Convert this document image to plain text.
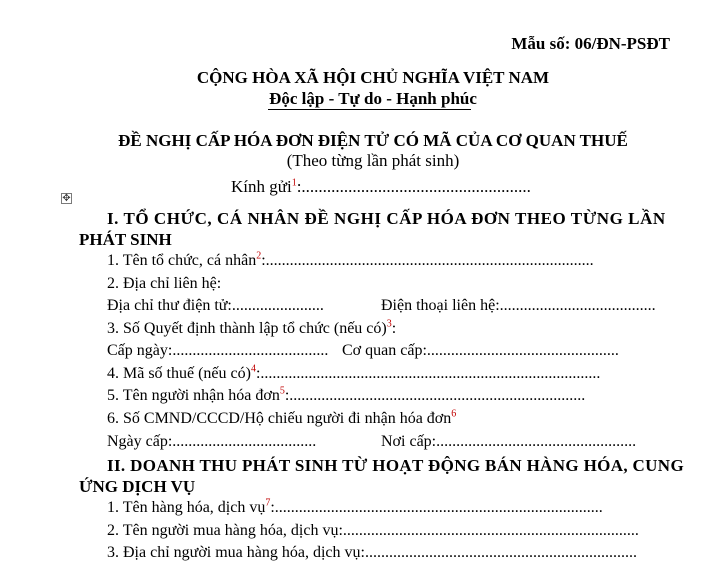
Mẫu số: 06/ĐN-PSĐT
CỘNG HÒA XÃ HỘI CHỦ NGHĨA VIỆT NAM
Độc lập - Tự do - Hạnh phúc
ĐỀ NGHỊ CẤP HÓA ĐƠN ĐIỆN TỬ CÓ MÃ CỦA CƠ QUAN THUẾ
(Theo từng lần phát sinh)
Kính gửi$^1$:......................................................
✥
I. TỔ CHỨC, CÁ NHÂN ĐỀ NGHỊ CẤP HÓA ĐƠN THEO TỪNG LẦN
PHÁT SINH
1. Tên tổ chức, cá nhân$^2$:..................................................................................
2. Địa chỉ liên hệ:
Địa chỉ thư điện tử:.......................	Điện thoại liên hệ:.......................................
3. Số Quyết định thành lập tổ chức (nếu có)$^3$:
Cấp ngày:....................................... Cơ quan cấp:................................................
4. Mã số thuế (nếu có)$^4$:.....................................................................................
5. Tên người nhận hóa đơn$^5$:..........................................................................
6. Số CMND/CCCD/Hộ chiếu người đi nhận hóa đơn$^6$
Ngày cấp:....................................	Nơi cấp:..................................................
II. DOANH THU PHÁT SINH TỪ HOẠT ĐỘNG BÁN HÀNG HÓA, CUNG
ỨNG DỊCH VỤ
1. Tên hàng hóa, dịch vụ$^7$:..................................................................................
2. Tên người mua hàng hóa, dịch vụ:..........................................................................
3. Địa chỉ người mua hàng hóa, dịch vụ:....................................................................
